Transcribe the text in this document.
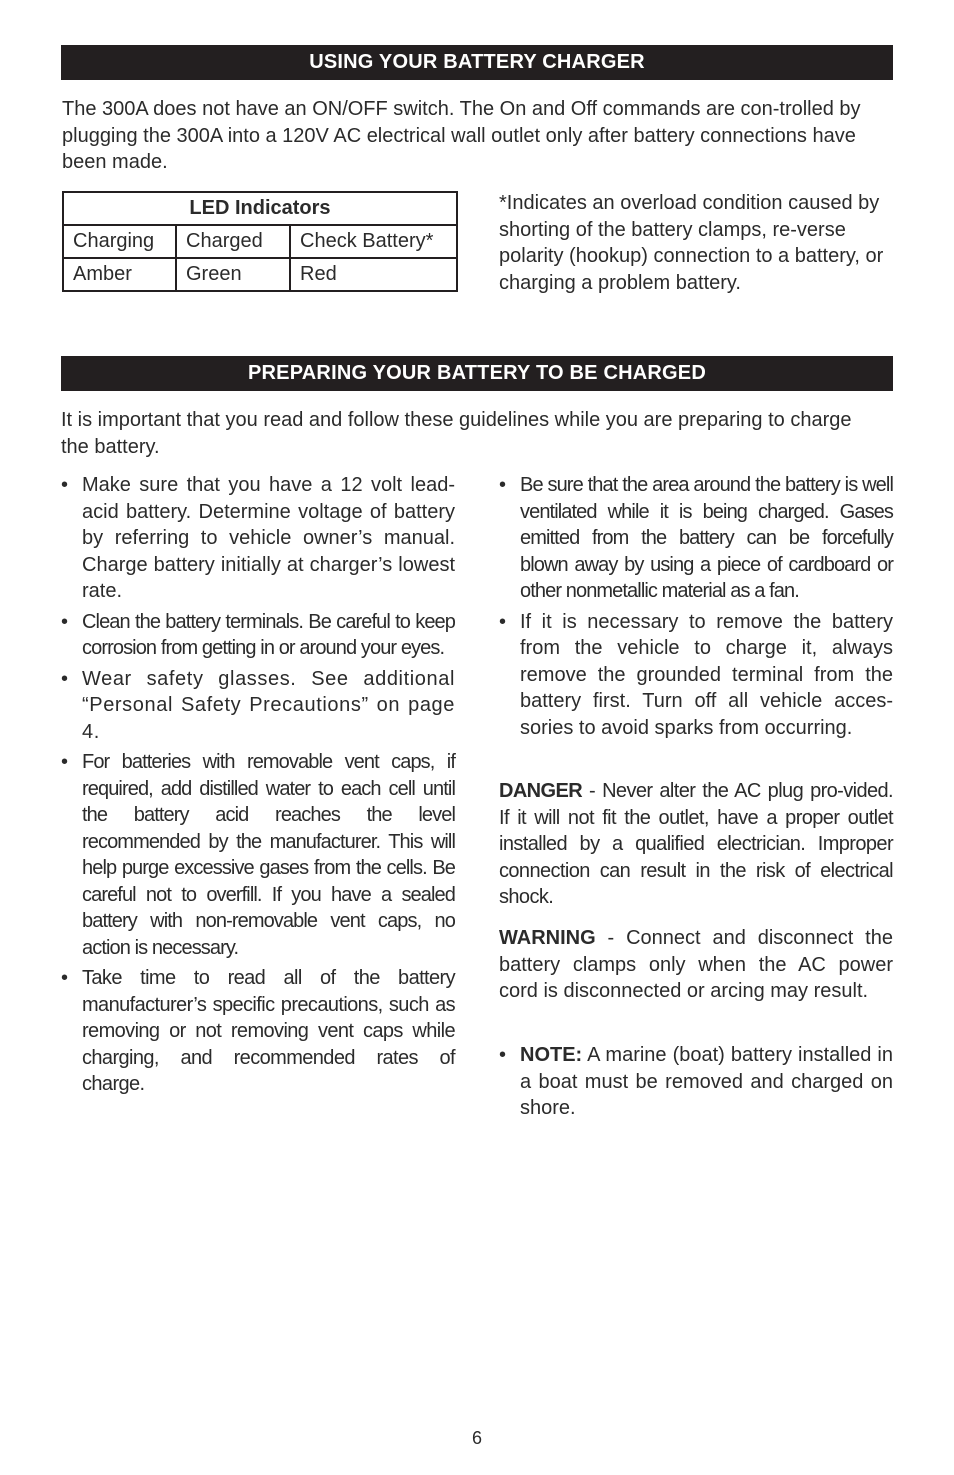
USING YOUR BATTERY CHARGER

The 300A does not have an ON/OFF switch. The On and Off commands are con-trolled by plugging the 300A into a 120V AC electrical wall outlet only after battery connections have been made.

LED Indicators		
Charging	Charged	Check Battery*
Amber	Green	Red

*Indicates an overload condition caused by shorting of the battery clamps, re-verse polarity (hookup) connection to a battery, or charging a problem battery.

PREPARING YOUR BATTERY TO BE CHARGED

It is important that you read and follow these guidelines while you are preparing to charge the battery.

• Make sure that you have a 12 volt lead-acid battery. Determine voltage of battery by referring to vehicle owner’s manual. Charge battery initially at charger’s lowest rate.
• Clean the battery terminals. Be careful to keep corrosion from getting in or around your eyes.
• Wear safety glasses. See additional “Personal Safety Precautions” on page 4.
• For batteries with removable vent caps, if required, add distilled water to each cell until the battery acid reaches the level recommended by the manufacturer. This will help purge excessive gases from the cells. Be careful not to overfill. If you have a sealed battery with non-removable vent caps, no action is necessary.
• Take time to read all of the battery manufacturer’s specific precautions, such as removing or not removing vent caps while charging, and recommended rates of charge.
• Be sure that the area around the battery is well ventilated while it is being charged. Gases emitted from the battery can be forcefully blown away by using a piece of cardboard or other nonmetallic material as a fan.
• If it is necessary to remove the battery from the vehicle to charge it, always remove the grounded terminal from the battery first. Turn off all vehicle acces-sories to avoid sparks from occurring.

DANGER - Never alter the AC plug pro-vided. If it will not fit the outlet, have a proper outlet installed by a qualified electrician. Improper connection can result in the risk of electrical shock.

WARNING - Connect and disconnect the battery clamps only when the AC power cord is disconnected or arcing may result.

• NOTE: A marine (boat) battery installed in a boat must be removed and charged on shore.
6
